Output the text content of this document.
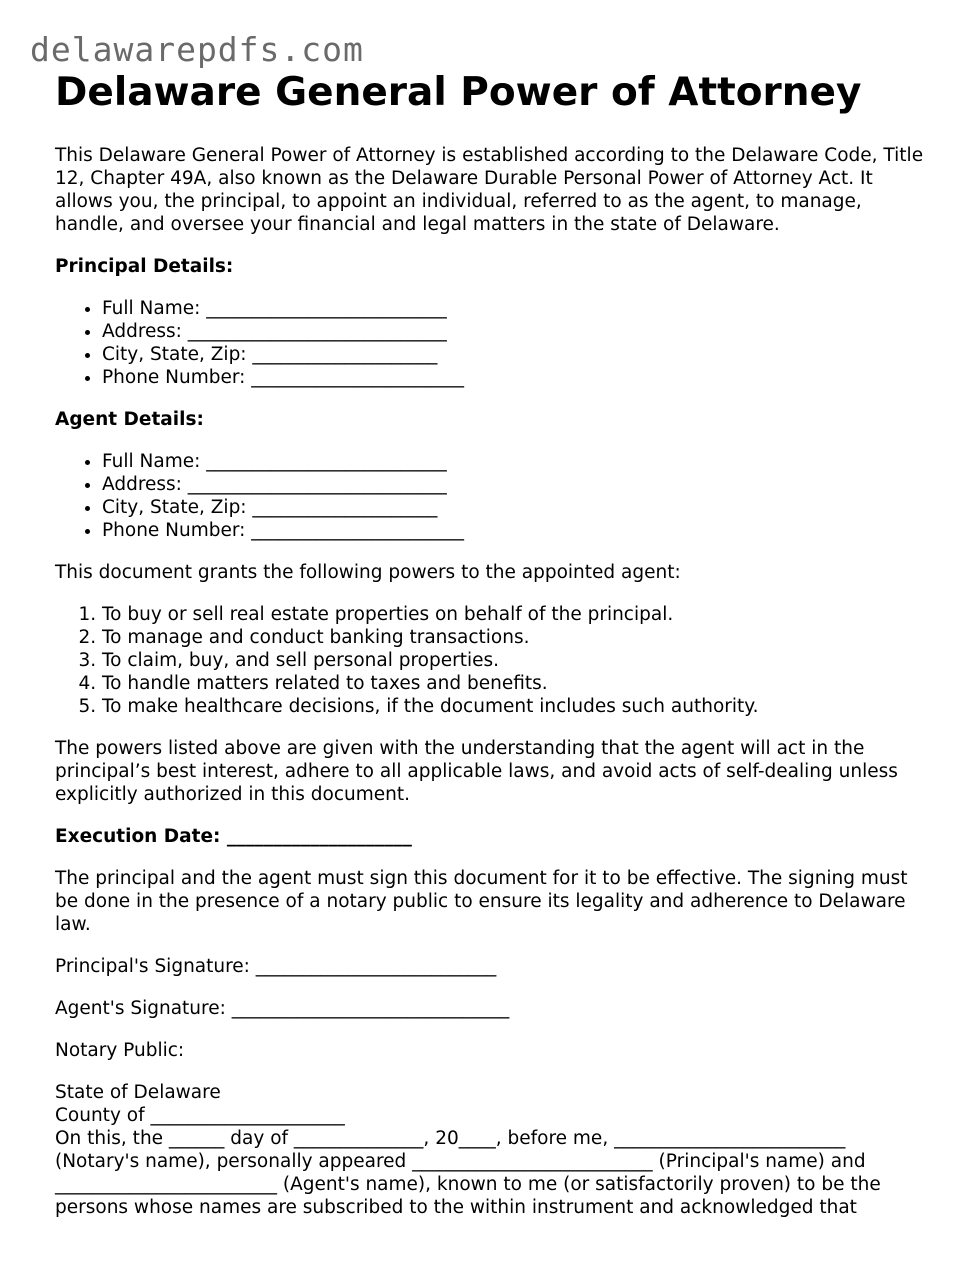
delawarepdfs.com
Delaware General Power of Attorney

This Delaware General Power of Attorney is established according to the Delaware Code, Title 12, Chapter 49A, also known as the Delaware Durable Personal Power of Attorney Act. It allows you, the principal, to appoint an individual, referred to as the agent, to manage, handle, and oversee your financial and legal matters in the state of Delaware.

Principal Details:

• Full Name: __________________________
• Address: ____________________________
• City, State, Zip: ____________________
• Phone Number: _______________________

Agent Details:

• Full Name: __________________________
• Address: ____________________________
• City, State, Zip: ____________________
• Phone Number: _______________________

This document grants the following powers to the appointed agent:

1. To buy or sell real estate properties on behalf of the principal.
2. To manage and conduct banking transactions.
3. To claim, buy, and sell personal properties.
4. To handle matters related to taxes and benefits.
5. To make healthcare decisions, if the document includes such authority.

The powers listed above are given with the understanding that the agent will act in the principal’s best interest, adhere to all applicable laws, and avoid acts of self-dealing unless explicitly authorized in this document.

Execution Date: ____________________

The principal and the agent must sign this document for it to be effective. The signing must be done in the presence of a notary public to ensure its legality and adherence to Delaware law.

Principal's Signature: __________________________

Agent's Signature: ______________________________

Notary Public:

State of Delaware
County of _____________________
On this, the ______ day of ______________, 20____, before me, _________________________
(Notary's name), personally appeared __________________________ (Principal's name) and
________________________ (Agent's name), known to me (or satisfactorily proven) to be the
persons whose names are subscribed to the within instrument and acknowledged that
